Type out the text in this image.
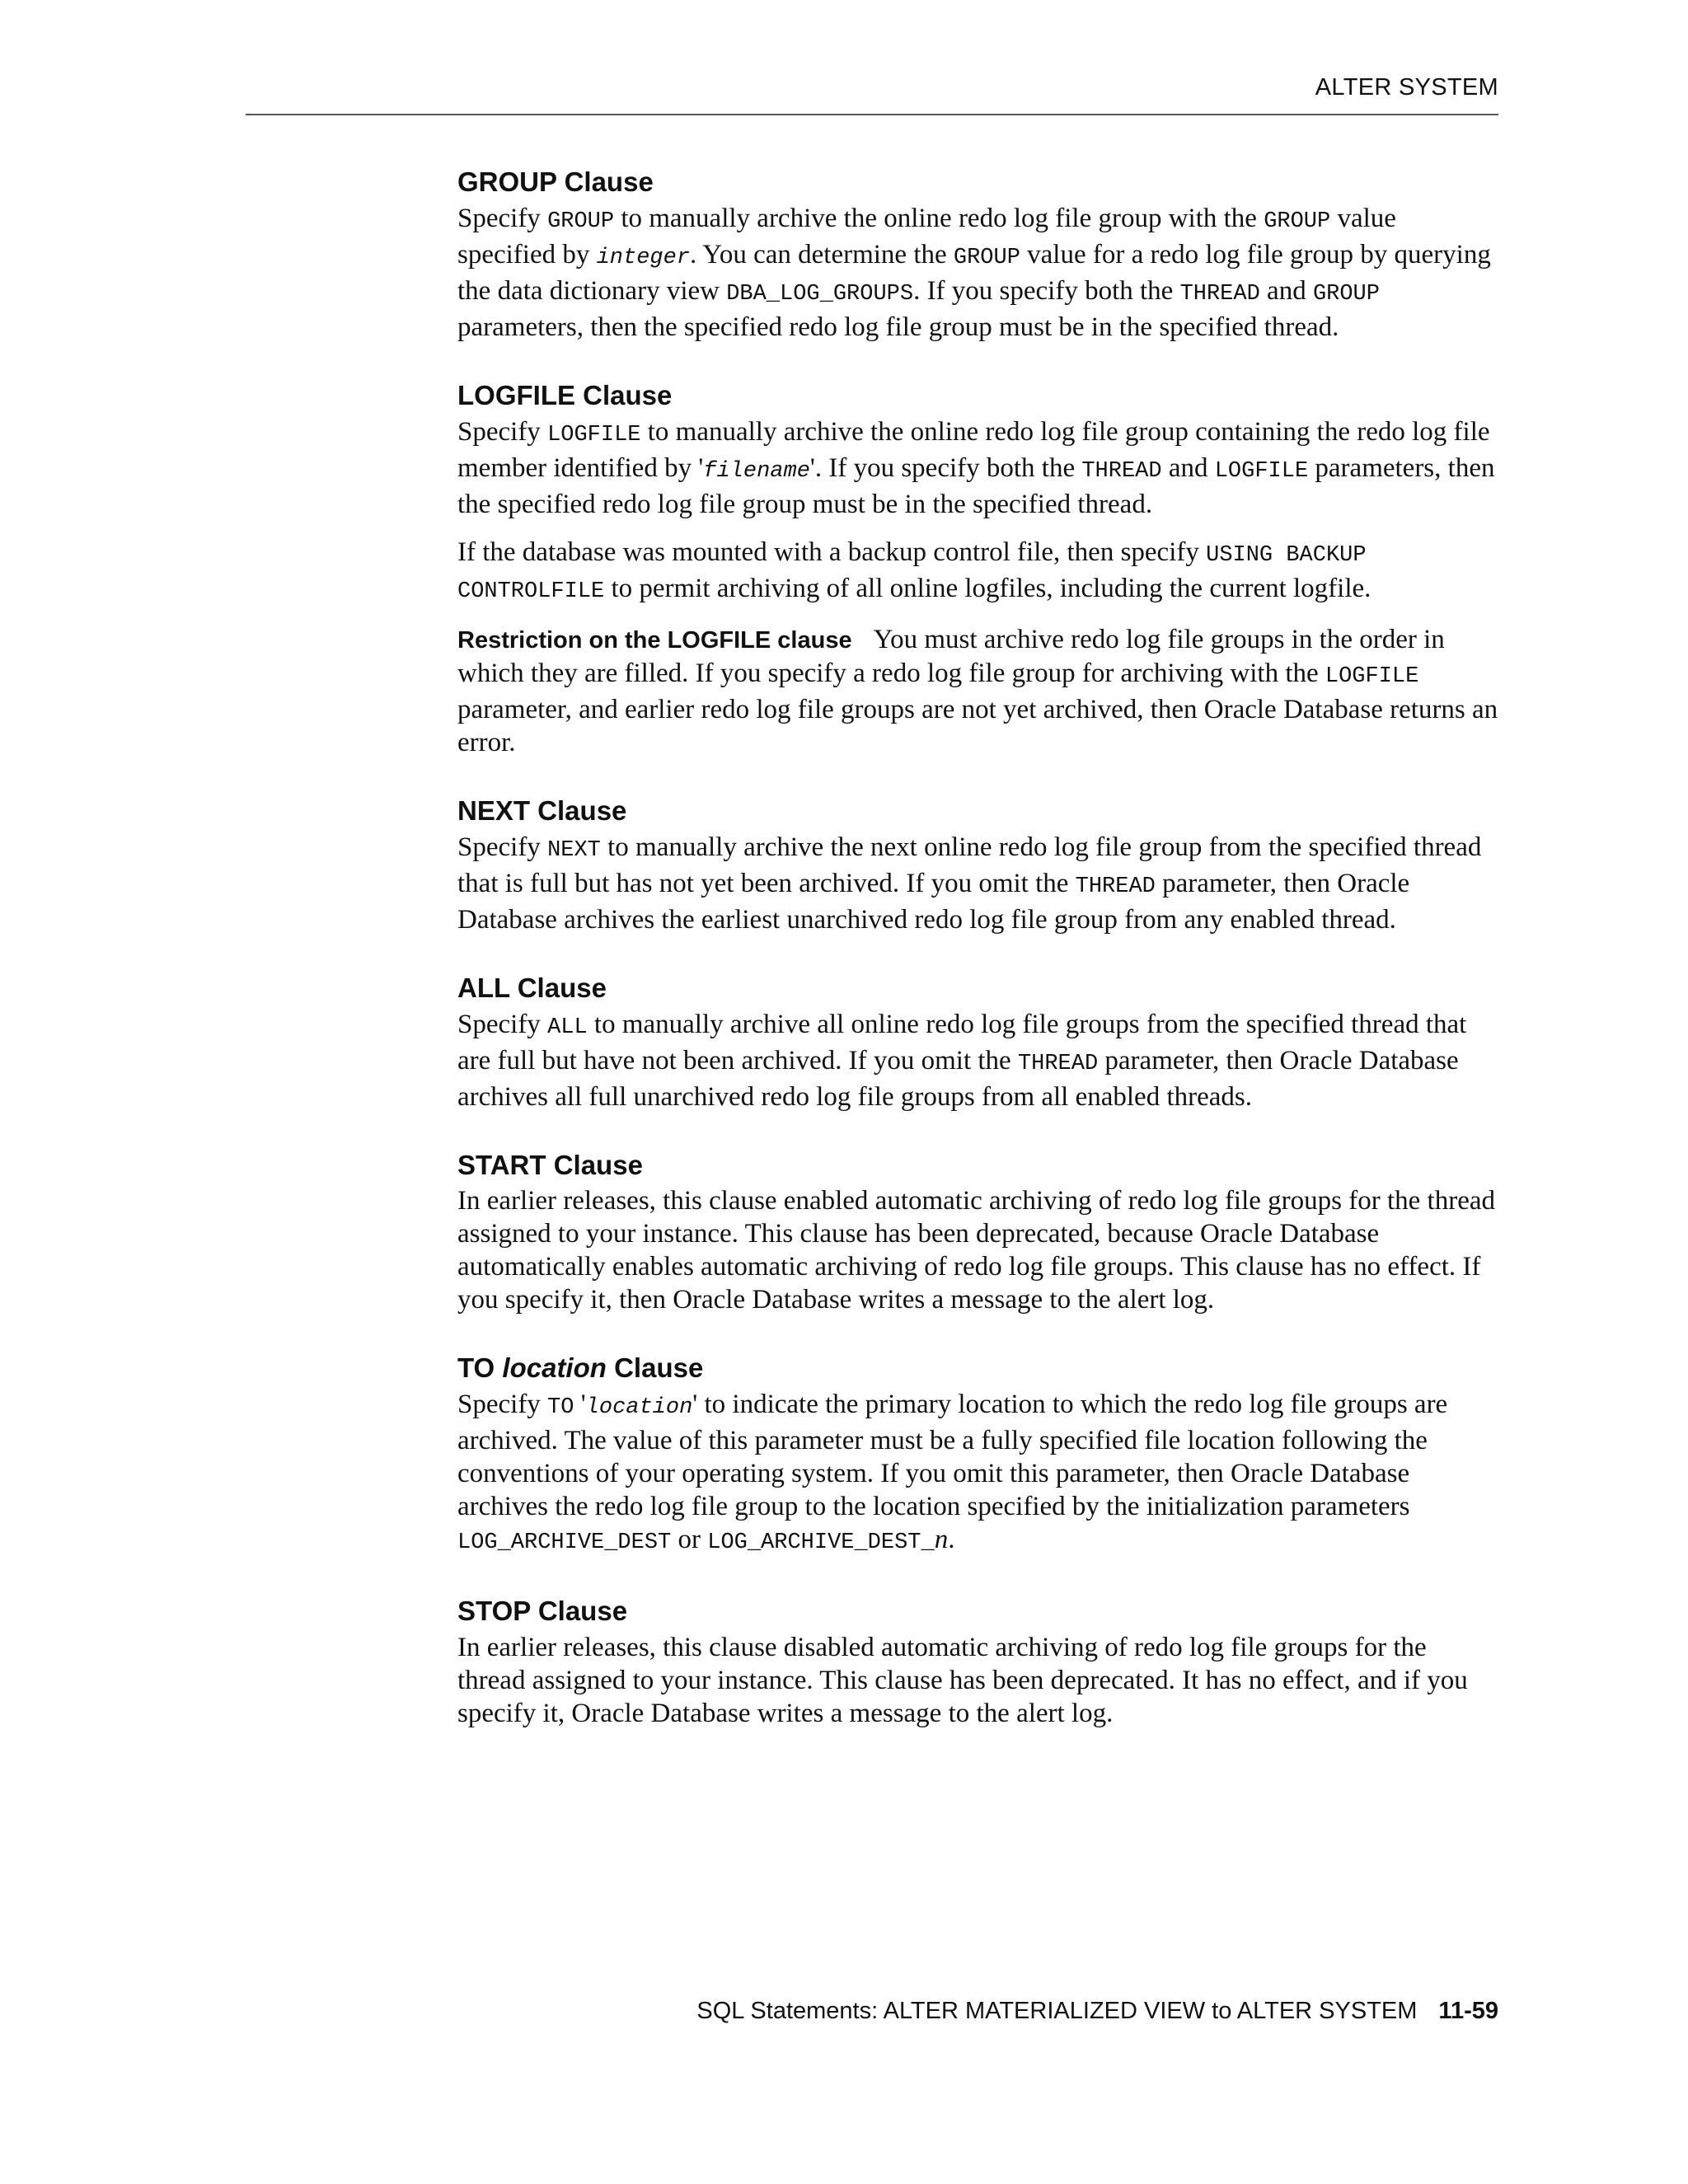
ALTER SYSTEM
GROUP Clause

Specify GROUP to manually archive the online redo log file group with the GROUP value specified by integer. You can determine the GROUP value for a redo log file group by querying the data dictionary view DBA_LOG_GROUPS. If you specify both the THREAD and GROUP parameters, then the specified redo log file group must be in the specified thread.

LOGFILE Clause

Specify LOGFILE to manually archive the online redo log file group containing the redo log file member identified by 'filename'. If you specify both the THREAD and LOGFILE parameters, then the specified redo log file group must be in the specified thread.

If the database was mounted with a backup control file, then specify USING BACKUP CONTROLFILE to permit archiving of all online logfiles, including the current logfile.

Restriction on the LOGFILE clause You must archive redo log file groups in the order in which they are filled. If you specify a redo log file group for archiving with the LOGFILE parameter, and earlier redo log file groups are not yet archived, then Oracle Database returns an error.

NEXT Clause

Specify NEXT to manually archive the next online redo log file group from the specified thread that is full but has not yet been archived. If you omit the THREAD parameter, then Oracle Database archives the earliest unarchived redo log file group from any enabled thread.

ALL Clause

Specify ALL to manually archive all online redo log file groups from the specified thread that are full but have not been archived. If you omit the THREAD parameter, then Oracle Database archives all full unarchived redo log file groups from all enabled threads.

START Clause

In earlier releases, this clause enabled automatic archiving of redo log file groups for the thread assigned to your instance. This clause has been deprecated, because Oracle Database automatically enables automatic archiving of redo log file groups. This clause has no effect. If you specify it, then Oracle Database writes a message to the alert log.

TO location Clause

Specify TO 'location' to indicate the primary location to which the redo log file groups are archived. The value of this parameter must be a fully specified file location following the conventions of your operating system. If you omit this parameter, then Oracle Database archives the redo log file group to the location specified by the initialization parameters LOG_ARCHIVE_DEST or LOG_ARCHIVE_DEST_n.

STOP Clause

In earlier releases, this clause disabled automatic archiving of redo log file groups for the thread assigned to your instance. This clause has been deprecated. It has no effect, and if you specify it, Oracle Database writes a message to the alert log.

SQL Statements: ALTER MATERIALIZED VIEW to ALTER SYSTEM 11-59
